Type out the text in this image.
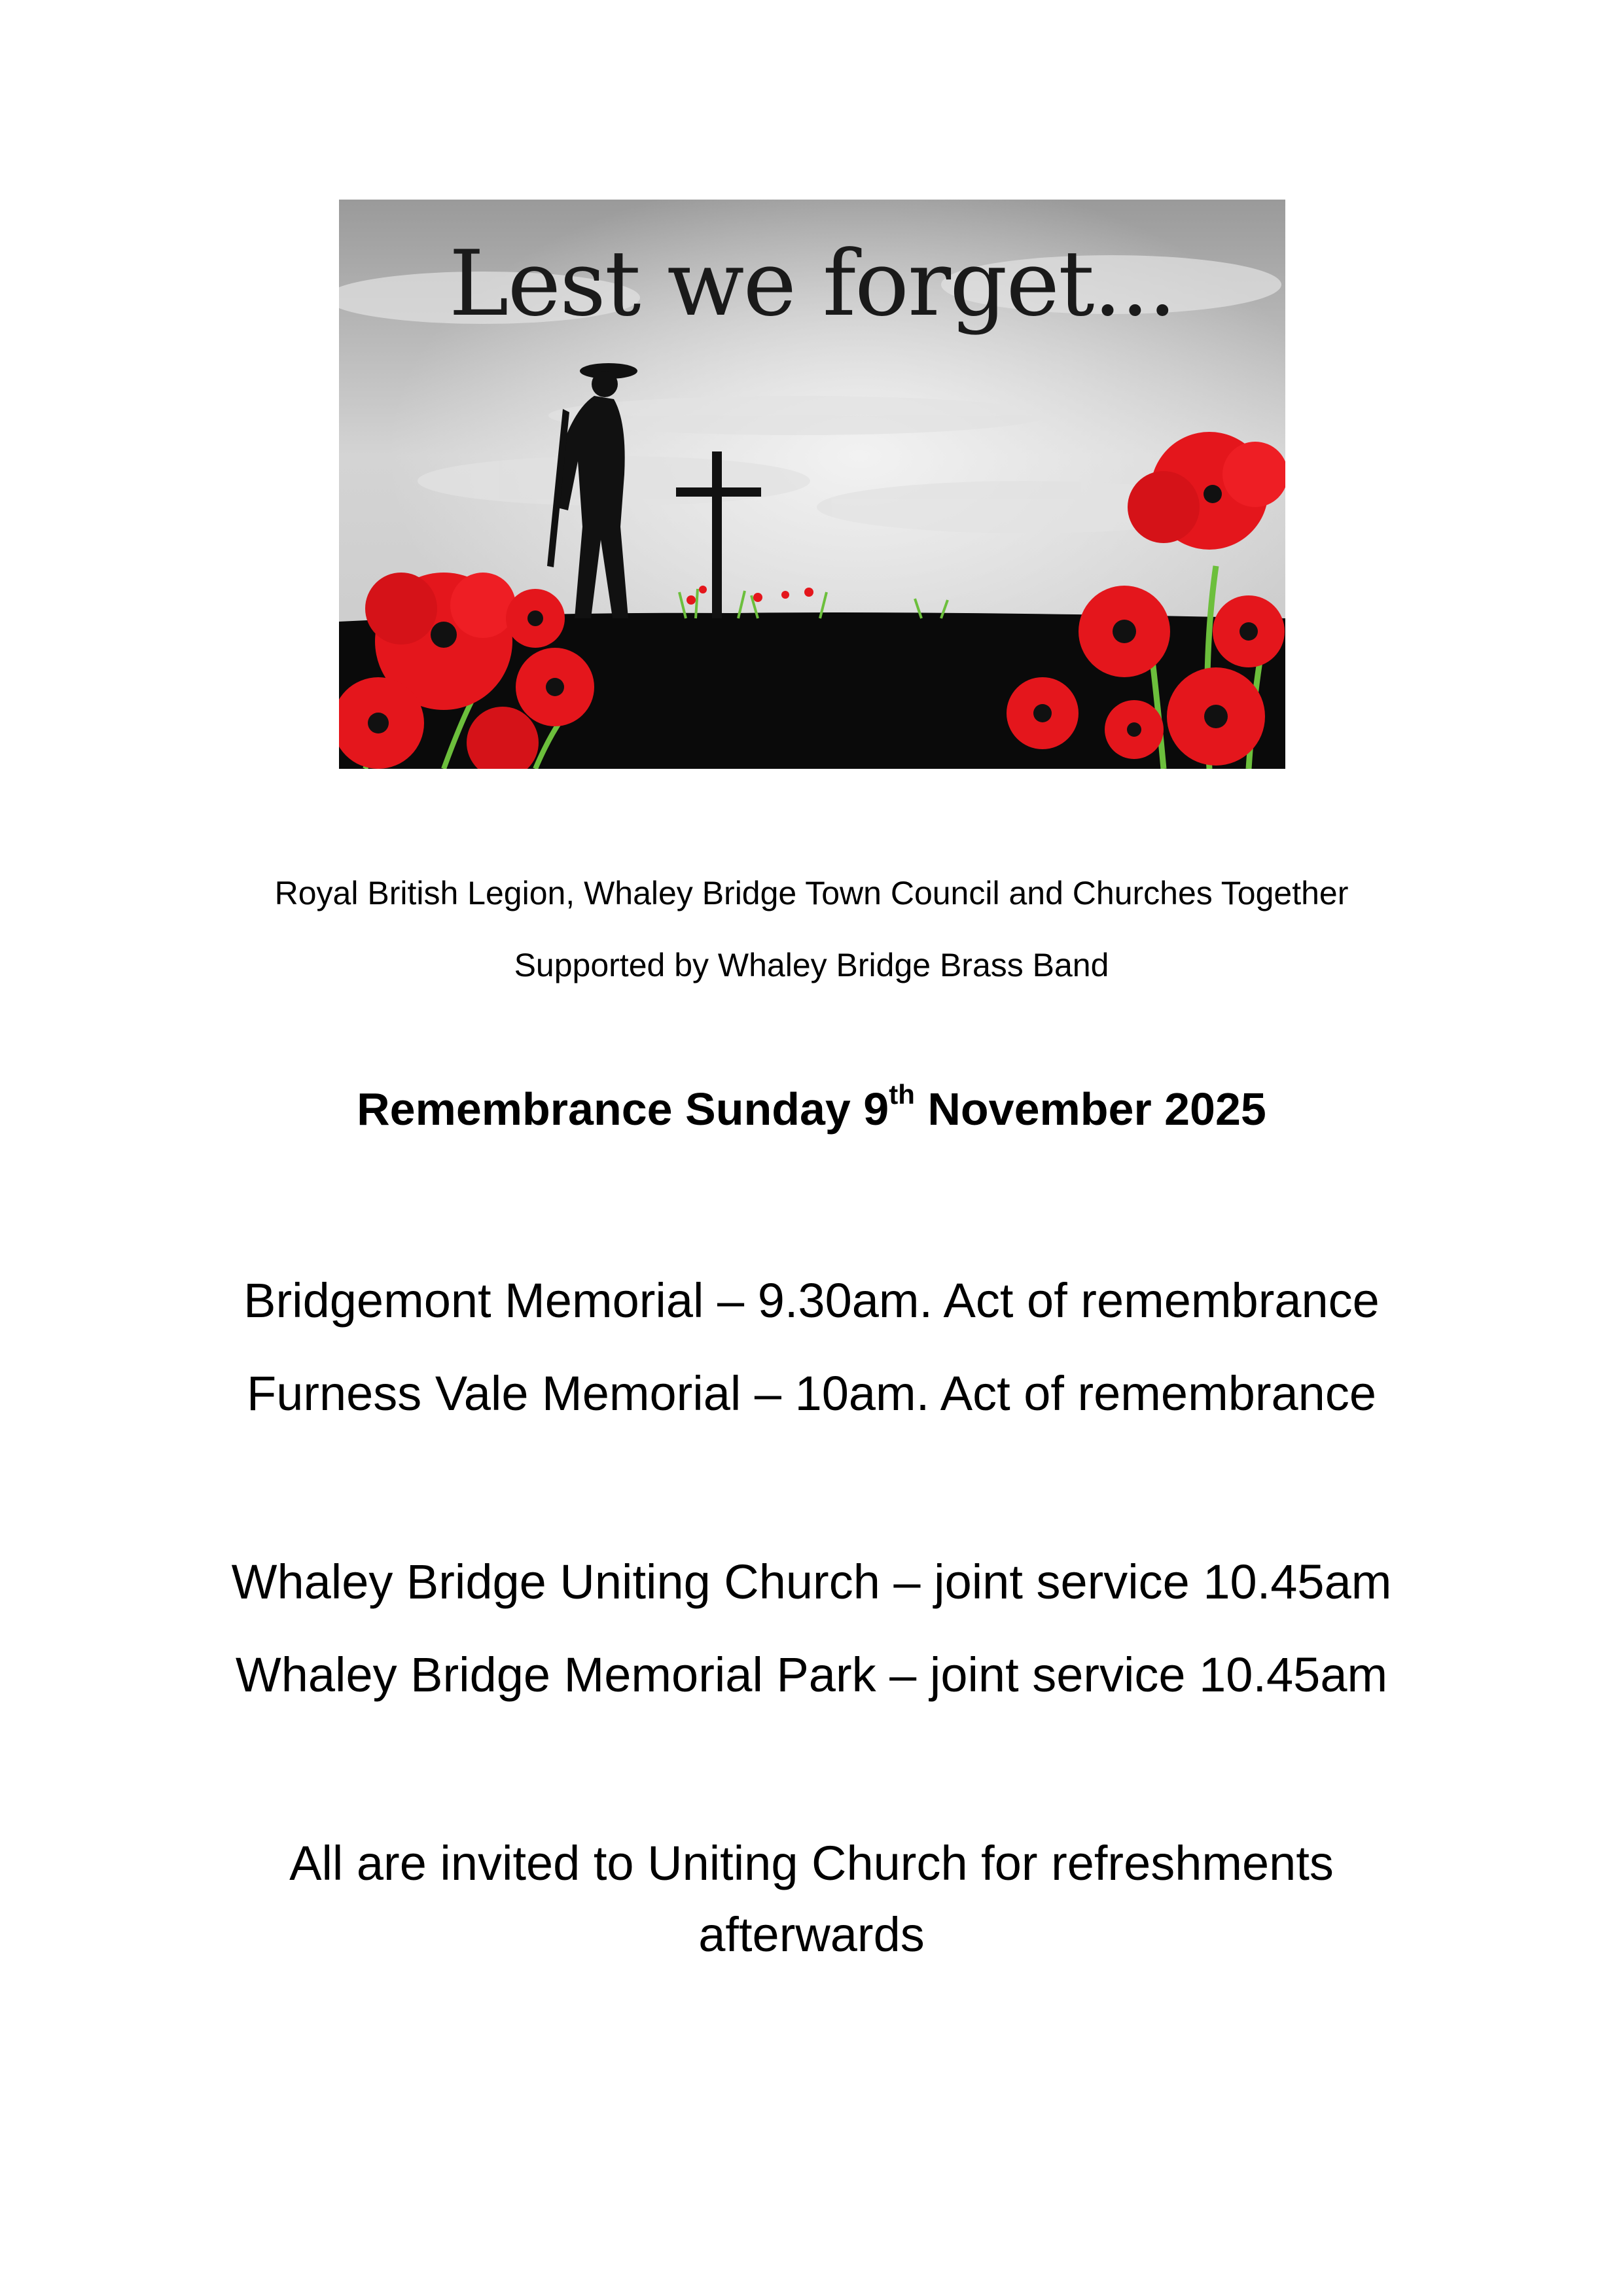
Lest we forget...
Royal British Legion, Whaley Bridge Town Council and Churches Together
Supported by Whaley Bridge Brass Band
Remembrance Sunday 9th November 2025
Bridgemont Memorial – 9.30am. Act of remembrance
Furness Vale Memorial – 10am. Act of remembrance
Whaley Bridge Uniting Church – joint service 10.45am
Whaley Bridge Memorial Park – joint service 10.45am
All are invited to Uniting Church for refreshments
afterwards
